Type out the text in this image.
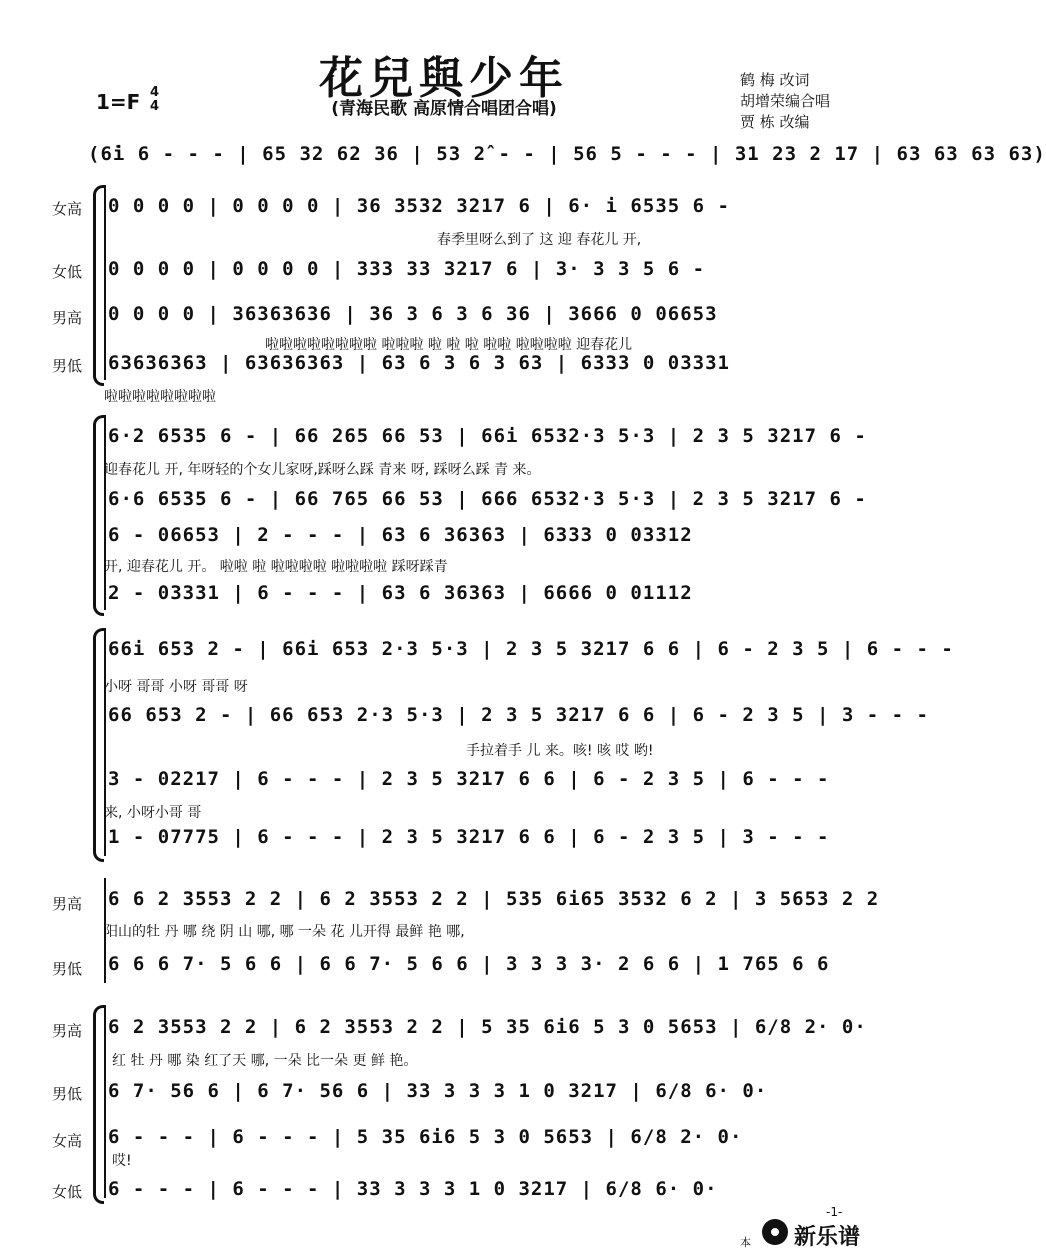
花兒與少年
(青海民歌 高原情合唱团合唱)
1=F 4
4
鹤 梅 改词
胡增荣编合唱
贾 栋 改编
(6̇i 6 - - - | 65 32 62 36 | 53 2̂ - - | 56 5 - - - | 31 23 2 17 | 63 63 63 63)
女高 0 0 0 0 | 0 0 0 0 | 36 3532 3217 6 | 6· i 6535 6 -
春季里呀么到了 这 迎 春花儿 开,
女低 0 0 0 0 | 0 0 0 0 | 333 33 3217 6 | 3· 3 3 5 6 -
男高 0 0 0 0 | 36363636 | 36 3 6 3 6 36 | 3666 0 06653
啦啦啦啦啦啦啦啦 啦啦啦 啦 啦 啦 啦啦 啦啦啦啦 迎春花儿
男低 63636363 | 63636363 | 63 6 3 6 3 63 | 6333 0 03331
啦啦啦啦啦啦啦啦
6·2 6535 6 - | 66 265 66 53 | 66i 6532·3 5·3 | 2 3 5 3217 6 -
迎春花儿 开, 年呀轻的个女儿家呀,踩呀么踩 青来 呀, 踩呀么踩 青 来。
6·6 6535 6 - | 66 765 66 53 | 666 6532·3 5·3 | 2 3 5 3217 6 -
6 - 06653 | 2 - - - | 63 6 36363 | 6333 0 03312
开, 迎春花儿 开。 啦啦 啦 啦啦啦啦 啦啦啦啦 踩呀踩青
2 - 03331 | 6 - - - | 63 6 36363 | 6666 0 01112
66i 653 2 - | 66i 653 2·3 5·3 | 2 3 5 3217 6 6 | 6 - 2 3 5 | 6 - - -
小呀 哥哥 小呀 哥哥 呀
66 653 2 - | 66 653 2·3 5·3 | 2 3 5 3217 6 6 | 6 - 2 3 5 | 3 - - -
手拉着手 儿 来。咳! 咳 哎 哟!
3 - 02217 | 6 - - - | 2 3 5 3217 6 6 | 6 - 2 3 5 | 6 - - -
来, 小呀小哥 哥
1 - 07775 | 6 - - - | 2 3 5 3217 6 6 | 6 - 2 3 5 | 3 - - -
男高 6 6 2 3553 2 2 | 6 2 3553 2 2 | 535 6i65 3532 6 2 | 3 5653 2 2
阳山的牡 丹 哪 绕 阴 山 哪, 哪 一朵 花 儿开得 最鲜 艳 哪,
男低 6 6 6 7· 5 6 6 | 6 6 7· 5 6 6 | 3 3 3 3· 2 6 6 | 1 765 6 6
男高 6 2 3553 2 2 | 6 2 3553 2 2 | 5 35 6i6 5 3 0 5653 | 6/8 2· 0·
红 牡 丹 哪 染 红了天 哪, 一朵 比一朵 更 鲜 艳。
男低 6 7· 56 6 | 6 7· 56 6 | 33 3 3 3 1 0 3217 | 6/8 6· 0·
女高 6 - - - | 6 - - - | 5 35 6i6 5 3 0 5653 | 6/8 2· 0·
哎!
女低 6 - - - | 6 - - - | 33 3 3 3 1 0 3217 | 6/8 6· 0·
-1-
本 新乐谱
